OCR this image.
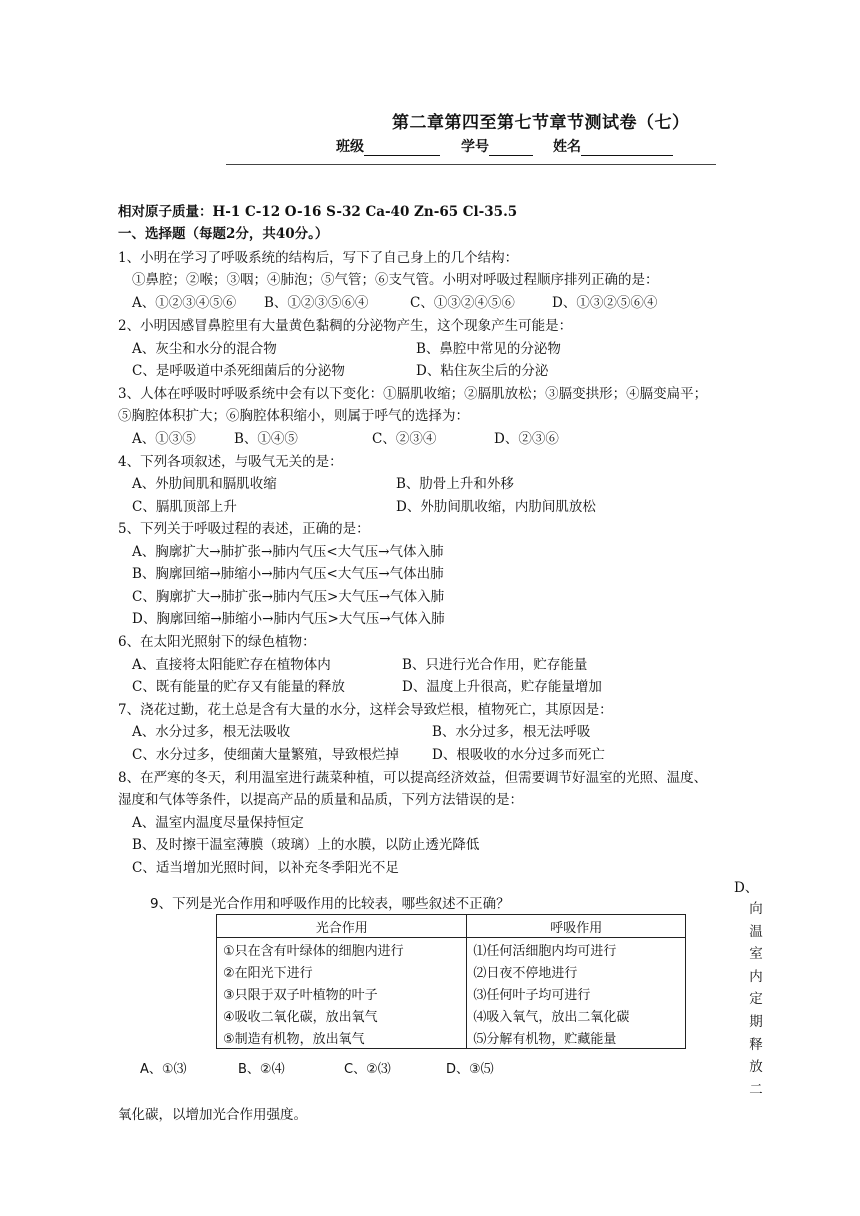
第二章第四至第七节章节测试卷（七）
班级	学号	姓名
相对原子质量：H-1 C-12 O-16 S-32 Ca-40 Zn-65 Cl-35.5
一、选择题（每题2分，共40分。）
1、小明在学习了呼吸系统的结构后，写下了自己身上的几个结构：
①鼻腔；②喉；③咽；④肺泡；⑤气管；⑥支气管。小明对呼吸过程顺序排列正确的是：
A、①②③④⑤⑥ B、①②③⑤⑥④	C、①③②④⑤⑥	D、①③②⑤⑥④
2、小明因感冒鼻腔里有大量黄色黏稠的分泌物产生，这个现象产生可能是：
A、灰尘和水分的混合物	B、鼻腔中常见的分泌物
C、是呼吸道中杀死细菌后的分泌物	D、粘住灰尘后的分泌
3、人体在呼吸时呼吸系统中会有以下变化：①膈肌收缩；②膈肌放松；③膈变拱形；④膈变扁平；
⑤胸腔体积扩大；⑥胸腔体积缩小，则属于呼气的选择为：
A、①③⑤	B、①④⑤	C、②③④	D、②③⑥
4、下列各项叙述，与吸气无关的是：
A、外肋间肌和膈肌收缩	B、肋骨上升和外移
C、膈肌顶部上升	D、外肋间肌收缩，内肋间肌放松
5、下列关于呼吸过程的表述，正确的是：
A、胸廓扩大→肺扩张→肺内气压<大气压→气体入肺
B、胸廓回缩→肺缩小→肺内气压<大气压→气体出肺
C、胸廓扩大→肺扩张→肺内气压>大气压→气体入肺
D、胸廓回缩→肺缩小→肺内气压>大气压→气体入肺
6、在太阳光照射下的绿色植物：
A、直接将太阳能贮存在植物体内	B、只进行光合作用，贮存能量
C、既有能量的贮存又有能量的释放	D、温度上升很高，贮存能量增加
7、浇花过勤，花土总是含有大量的水分，这样会导致烂根，植物死亡，其原因是：
A、水分过多，根无法吸收	B、水分过多，根无法呼吸
C、水分过多，使细菌大量繁殖，导致根烂掉 D、根吸收的水分过多而死亡
8、在严寒的冬天，利用温室进行蔬菜种植，可以提高经济效益，但需要调节好温室的光照、温度、
湿度和气体等条件，以提高产品的质量和品质，下列方法错误的是：
A、温室内温度尽量保持恒定
B、及时擦干温室薄膜（玻璃）上的水膜，以防止透光降低
C、适当增加光照时间，以补充冬季阳光不足
D、
向
温
室
内
定
期
释
放
二
氧化碳，以增加光合作用强度。
9、下列是光合作用和呼吸作用的比较表，哪些叙述不正确？
光合作用	呼吸作用
①只在含有叶绿体的细胞内进行	⑴任何活细胞内均可进行
②在阳光下进行	⑵日夜不停地进行
③只限于双子叶植物的叶子	⑶任何叶子均可进行
④吸收二氧化碳，放出氧气	⑷吸入氧气，放出二氧化碳
⑤制造有机物，放出氧气	⑸分解有机物，贮藏能量
A、①⑶	B、②⑷	C、②⑶	D、③⑸
